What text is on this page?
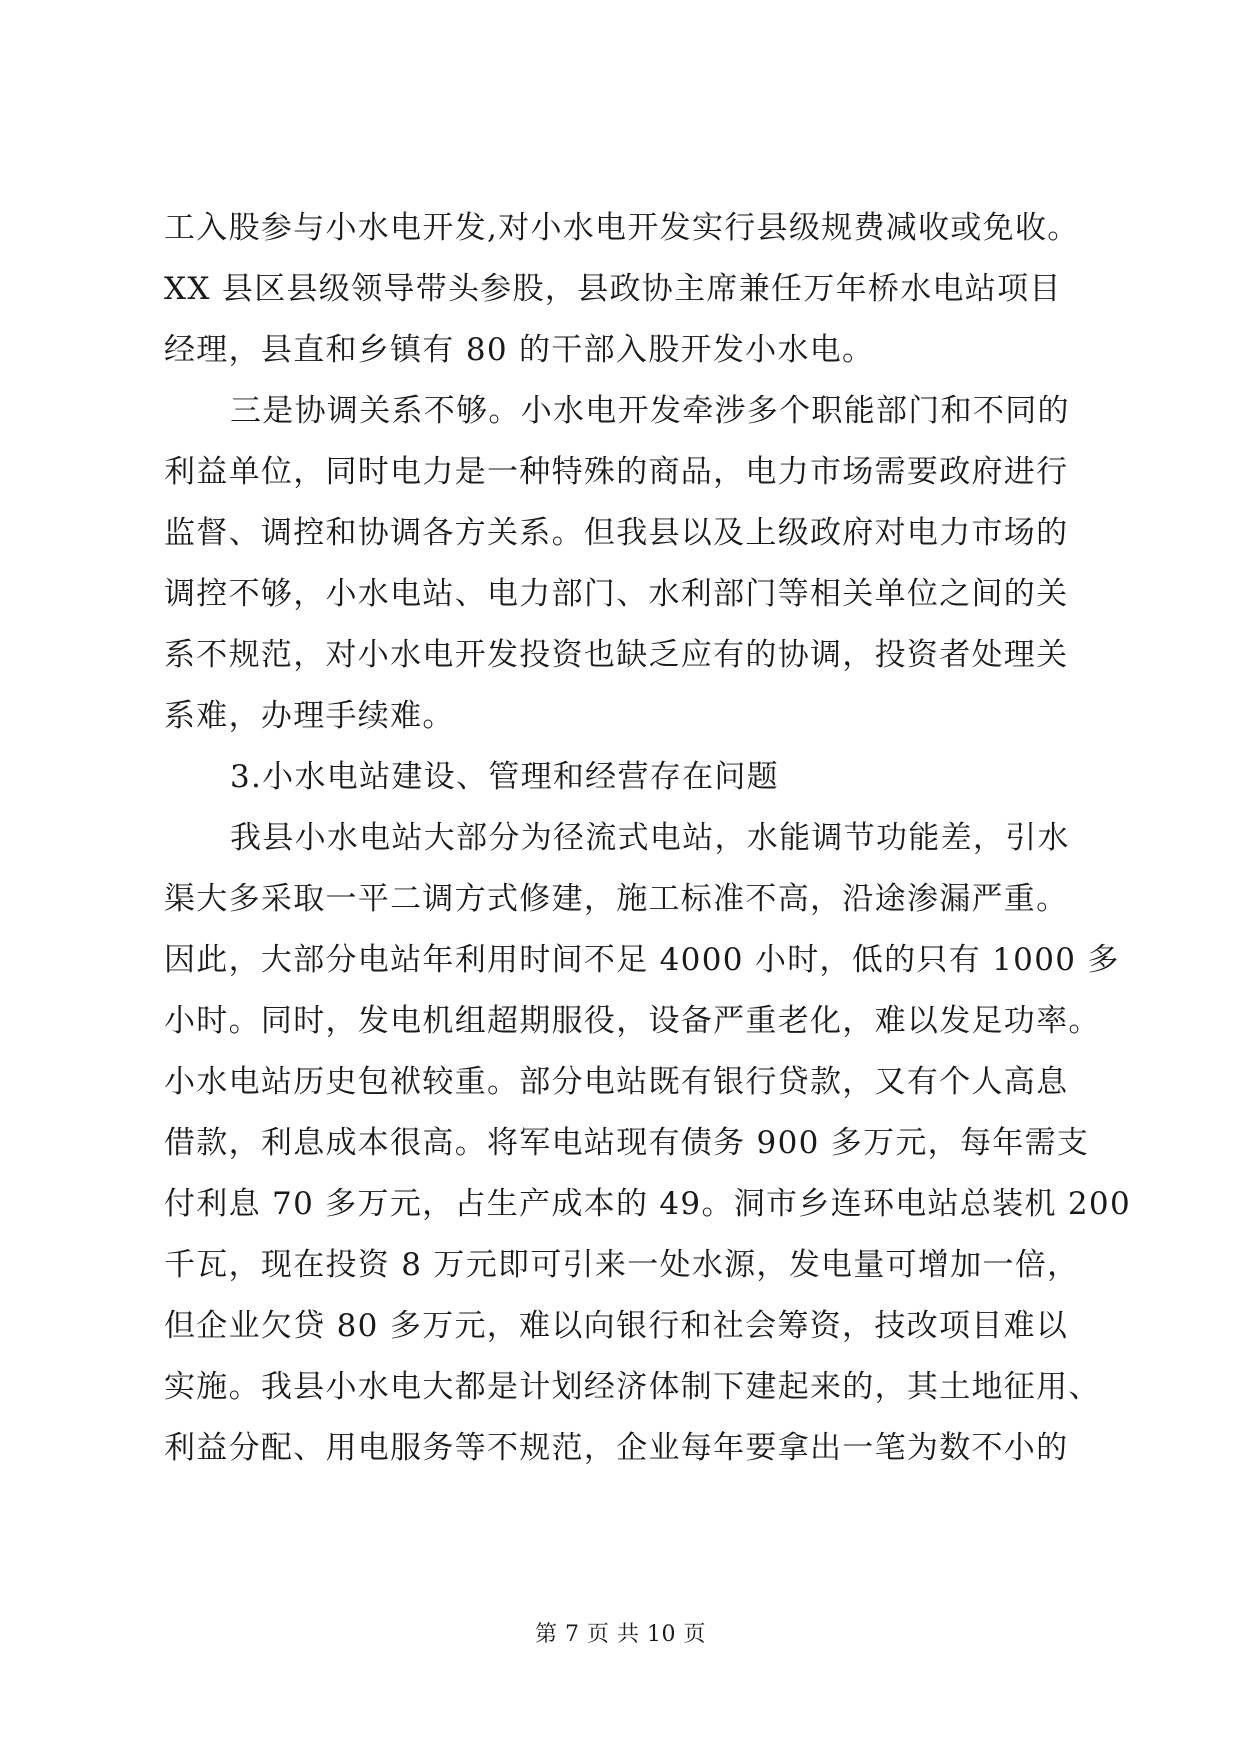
工入股参与小水电开发,对小水电开发实行县级规费减收或免收。
XX 县区县级领导带头参股，县政协主席兼任万年桥水电站项目
经理，县直和乡镇有 80 的干部入股开发小水电。
三是协调关系不够。小水电开发牵涉多个职能部门和不同的
利益单位，同时电力是一种特殊的商品，电力市场需要政府进行
监督、调控和协调各方关系。但我县以及上级政府对电力市场的
调控不够，小水电站、电力部门、水利部门等相关单位之间的关
系不规范，对小水电开发投资也缺乏应有的协调，投资者处理关
系难，办理手续难。
3.小水电站建设、管理和经营存在问题
我县小水电站大部分为径流式电站，水能调节功能差，引水
渠大多采取一平二调方式修建，施工标准不高，沿途渗漏严重。
因此，大部分电站年利用时间不足 4000 小时，低的只有 1000 多
小时。同时，发电机组超期服役，设备严重老化，难以发足功率。
小水电站历史包袱较重。部分电站既有银行贷款，又有个人高息
借款，利息成本很高。将军电站现有债务 900 多万元，每年需支
付利息 70 多万元，占生产成本的 49。洞市乡连环电站总装机 200
千瓦，现在投资 8 万元即可引来一处水源，发电量可增加一倍，
但企业欠贷 80 多万元，难以向银行和社会筹资，技改项目难以
实施。我县小水电大都是计划经济体制下建起来的，其土地征用、
利益分配、用电服务等不规范，企业每年要拿出一笔为数不小的
第 7 页 共 10 页
